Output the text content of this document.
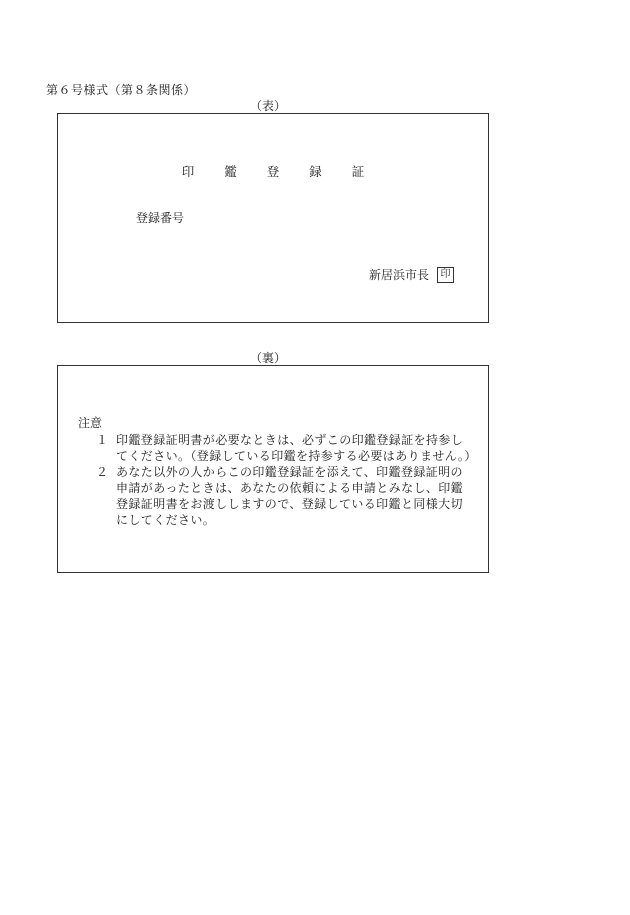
第６号様式（第８条関係）
（表）
印 鑑 登 録 証
登録番号
新居浜市長	印
（裏）
注意
１ 印鑑登録証明書が必要なときは、必ずこの印鑑登録証を持参してください。（登録している印鑑を持参する必要はありません。）
２ あなた以外の人からこの印鑑登録証を添えて、印鑑登録証明の申請があったときは、あなたの依頼による申請とみなし、印鑑登録証明書をお渡ししますので、登録している印鑑と同様大切にしてください。
